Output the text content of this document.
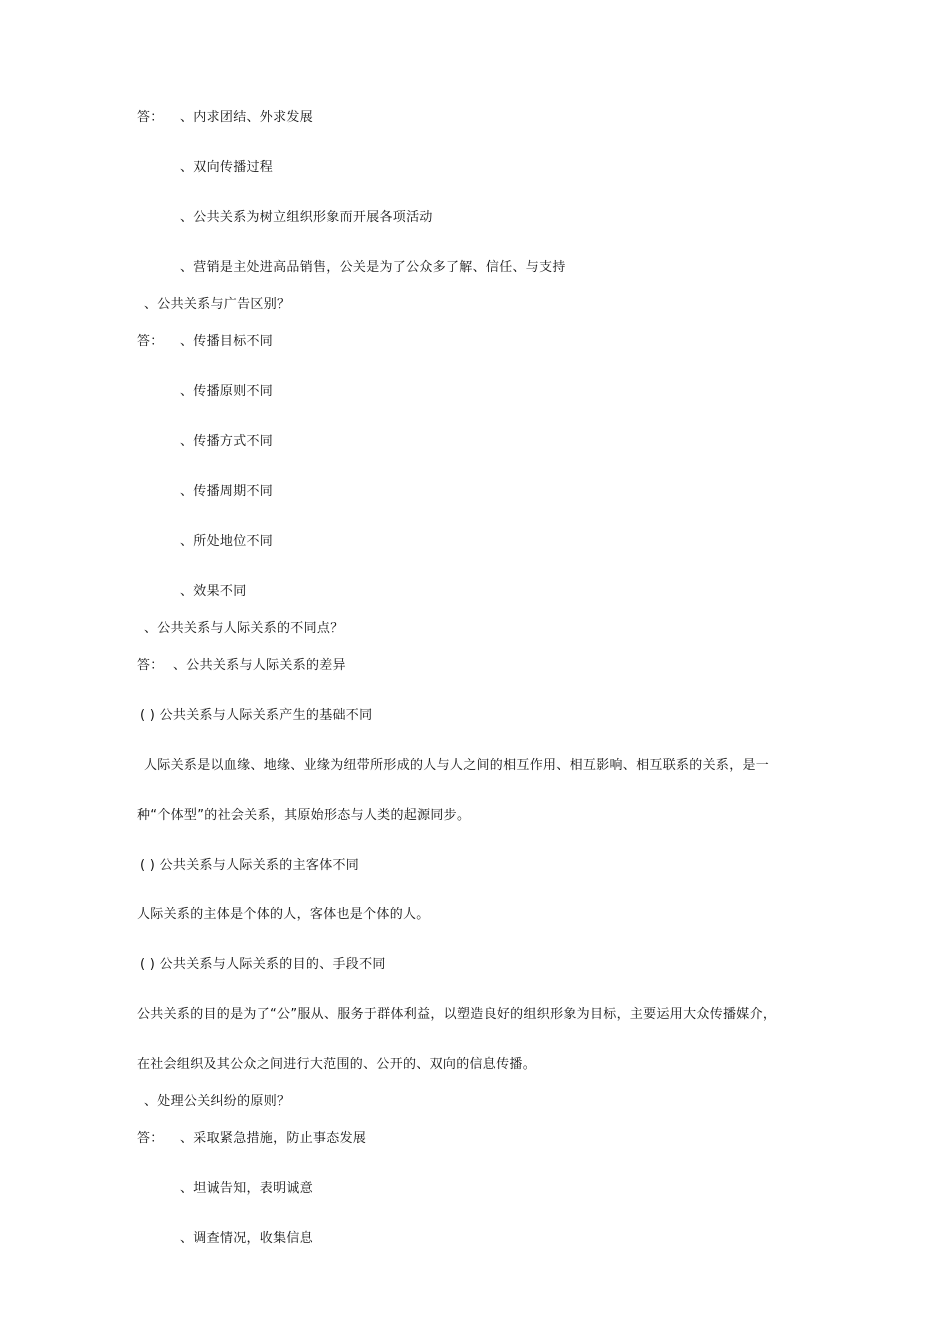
答： 、内求团结、外求发展
、双向传播过程
、公共关系为树立组织形象而开展各项活动
、营销是主处进高品销售，公关是为了公众多了解、信任、与支持
、公共关系与广告区别？
答： 、传播目标不同
、传播原则不同
、传播方式不同
、传播周期不同
、所处地位不同
、效果不同
、公共关系与人际关系的不同点？
答： 、公共关系与人际关系的差异
( ) 公共关系与人际关系产生的基础不同
人际关系是以血缘、地缘、业缘为纽带所形成的人与人之间的相互作用、相互影响、相互联系的关系，是一
种“个体型”的社会关系，其原始形态与人类的起源同步。
( ) 公共关系与人际关系的主客体不同
人际关系的主体是个体的人，客体也是个体的人。
( ) 公共关系与人际关系的目的、手段不同
公共关系的目的是为了“公”服从、服务于群体利益，以塑造良好的组织形象为目标，主要运用大众传播媒介，
在社会组织及其公众之间进行大范围的、公开的、双向的信息传播。
、处理公关纠纷的原则？
答： 、采取紧急措施，防止事态发展
、坦诚告知，表明诚意
、调查情况，收集信息
